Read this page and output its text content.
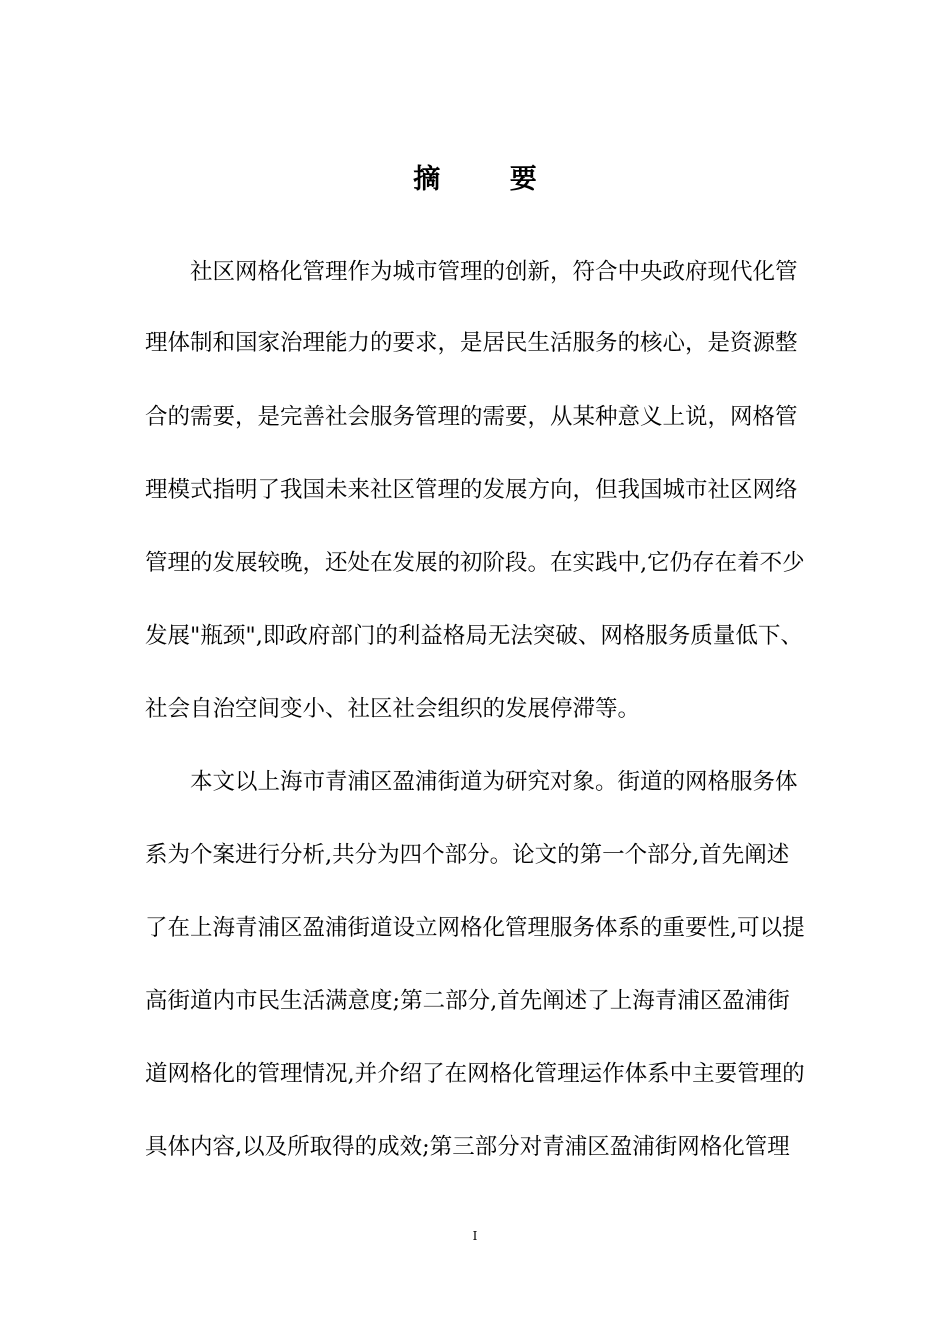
摘 要
社区网格化管理作为城市管理的创新，符合中央政府现代化管
理体制和国家治理能力的要求，是居民生活服务的核心，是资源整
合的需要，是完善社会服务管理的需要，从某种意义上说，网格管
理模式指明了我国未来社区管理的发展方向，但我国城市社区网络
管理的发展较晚，还处在发展的初阶段。在实践中,它仍存在着不少
发展"瓶颈",即政府部门的利益格局无法突破、网格服务质量低下、
社会自治空间变小、社区社会组织的发展停滞等。
本文以上海市青浦区盈浦街道为研究对象。街道的网格服务体
系为个案进行分析,共分为四个部分。论文的第一个部分,首先阐述
了在上海青浦区盈浦街道设立网格化管理服务体系的重要性,可以提
高街道内市民生活满意度;第二部分,首先阐述了上海青浦区盈浦街
道网格化的管理情况,并介绍了在网格化管理运作体系中主要管理的
具体内容,以及所取得的成效;第三部分对青浦区盈浦街网格化管理
I
